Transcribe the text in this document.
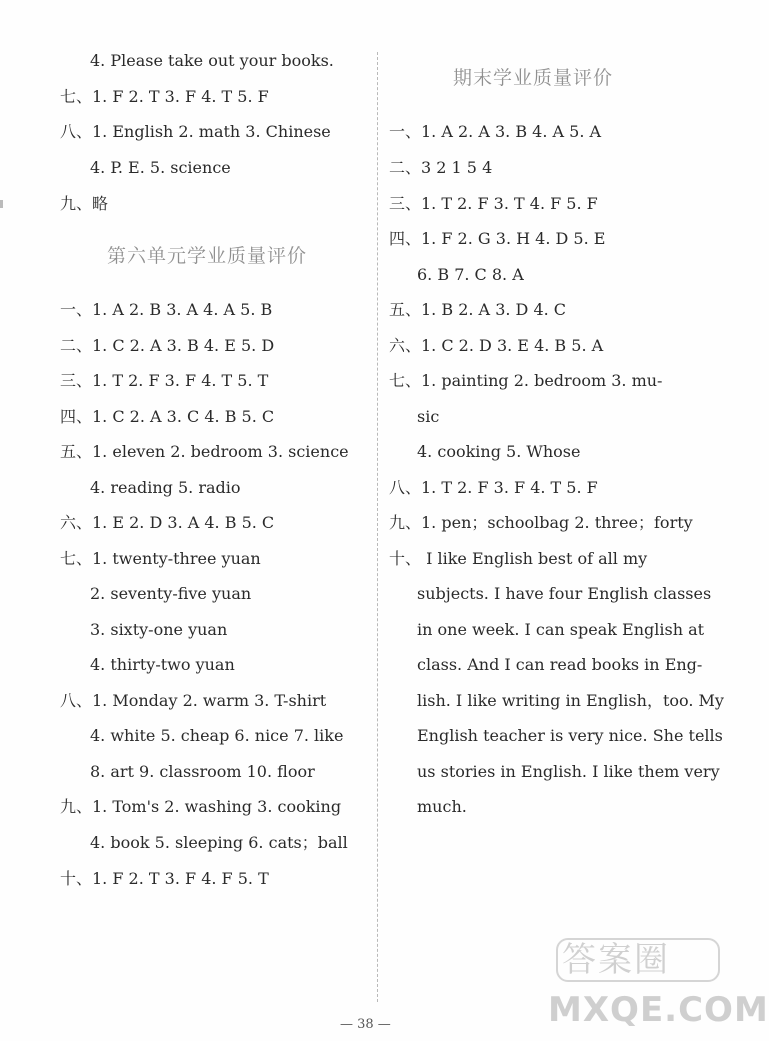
4. Please take out your books.
七、1. F 2. T 3. F 4. T 5. F
八、1. English 2. math 3. Chinese
4. P. E. 5. science
九、略
第六单元学业质量评价
一、1. A 2. B 3. A 4. A 5. B
二、1. C 2. A 3. B 4. E 5. D
三、1. T 2. F 3. F 4. T 5. T
四、1. C 2. A 3. C 4. B 5. C
五、1. eleven 2. bedroom 3. science
4. reading 5. radio
六、1. E 2. D 3. A 4. B 5. C
七、1. twenty-three yuan
2. seventy-five yuan
3. sixty-one yuan
4. thirty-two yuan
八、1. Monday 2. warm 3. T-shirt
4. white 5. cheap 6. nice 7. like
8. art 9. classroom 10. floor
九、1. Tom's 2. washing 3. cooking
4. book 5. sleeping 6. cats；ball
十、1. F 2. T 3. F 4. F 5. T
期末学业质量评价
一、1. A 2. A 3. B 4. A 5. A
二、3 2 1 5 4
三、1. T 2. F 3. T 4. F 5. F
四、1. F 2. G 3. H 4. D 5. E
6. B 7. C 8. A
五、1. B 2. A 3. D 4. C
六、1. C 2. D 3. E 4. B 5. A
七、1. painting 2. bedroom 3. mu-
sic
4. cooking 5. Whose
八、1. T 2. F 3. F 4. T 5. F
九、1. pen；schoolbag 2. three；forty
十、 I like English best of all my
subjects. I have four English classes
in one week. I can speak English at
class. And I can read books in Eng-
lish. I like writing in English，too. My
English teacher is very nice. She tells
us stories in English. I like them very
much.
答案圈
MXQE.COM
— 38 —
